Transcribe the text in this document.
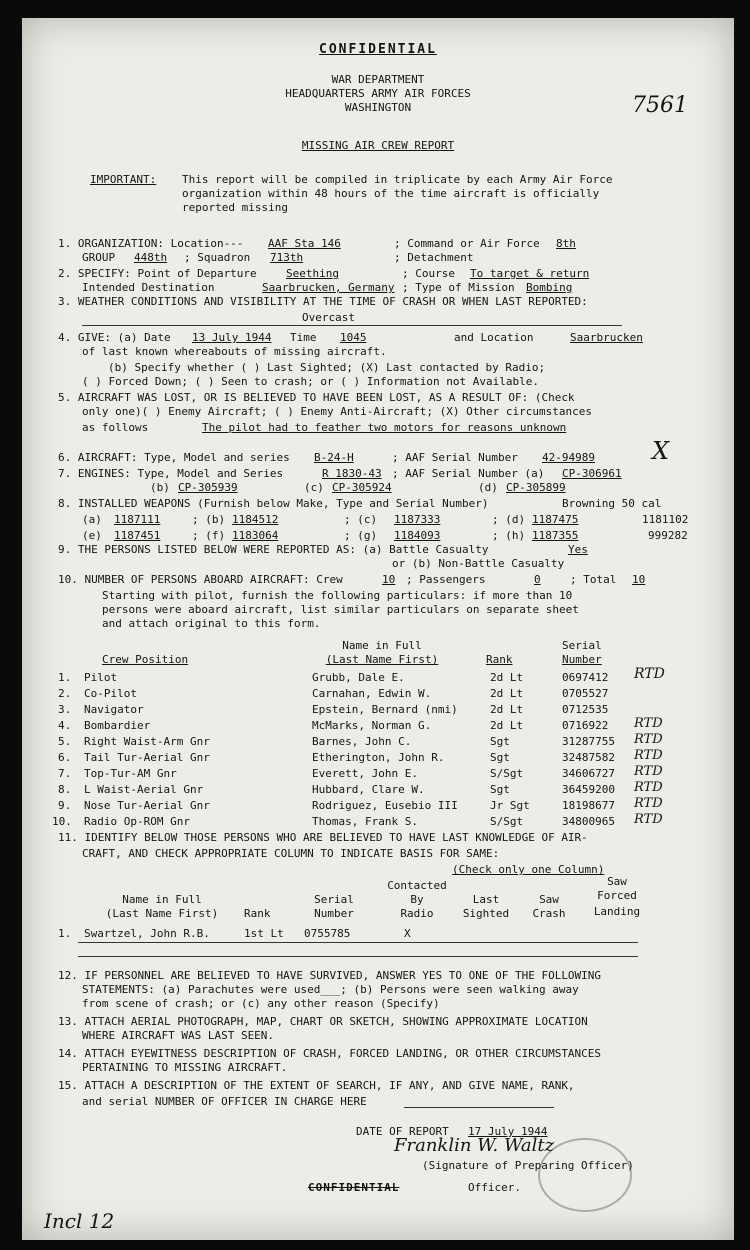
CONFIDENTIAL
WAR DEPARTMENT
HEADQUARTERS ARMY AIR FORCES
WASHINGTON	7561
MISSING AIR CREW REPORT
IMPORTANT: This report will be compiled in triplicate by each Army Air Force
organization within 48 hours of the time aircraft is officially
reported missing
1. ORGANIZATION: Location--- AAF Sta 146	; Command or Air Force 8th
GROUP 448th ; Squadron 713th	; Detachment
2. SPECIFY: Point of Departure	Seething	; Course To target & return
Intended Destination	Saarbrucken, Germany ; Type of Mission Bombing
3. WEATHER CONDITIONS AND VISIBILITY AT THE TIME OF CRASH OR WHEN LAST REPORTED:
Overcast
4. GIVE: (a) Date 13 July 1944 Time 1045	and Location	Saarbrucken
of last known whereabouts of missing aircraft.
(b) Specify whether ( ) Last Sighted; (X) Last contacted by Radio;
( ) Forced Down; ( ) Seen to crash; or ( ) Information not Available.
5. AIRCRAFT WAS LOST, OR IS BELIEVED TO HAVE BEEN LOST, AS A RESULT OF: (Check
only one)( ) Enemy Aircraft; ( ) Enemy Anti-Aircraft; (X) Other circumstances
as follows	The pilot had to feather two motors for reasons unknown
6. AIRCRAFT: Type, Model and series B-24-H	; AAF Serial Number 42-94989 X
7. ENGINES: Type, Model and Series	R 1830-43 ; AAF Serial Number (a) CP-306961
(b) CP-305939	(c) CP-305924	(d) CP-305899
8. INSTALLED WEAPONS (Furnish below Make, Type and Serial Number)	Browning 50 cal
(a) 1187111	; (b) 1184512	; (c) 1187333	; (d) 1187475	1181102
(e) 1187451	; (f) 1183064	; (g) 1184093	; (h) 1187355	999282
9. THE PERSONS LISTED BELOW WERE REPORTED AS: (a) Battle Casualty	Yes
or (b) Non-Battle Casualty
10. NUMBER OF PERSONS ABOARD AIRCRAFT: Crew	10 ; Passengers	0	; Total 10
Starting with pilot, furnish the following particulars: if more than 10
persons were aboard aircraft, list similar particulars on separate sheet
and attach original to this form.
Name in Full	Serial
Crew Position	(Last Name First)	Rank	Number
1. Pilot	Grubb, Dale E.	2d Lt	0697412 RTD
2. Co-Pilot	Carnahan, Edwin W.	2d Lt	0705527
3. Navigator	Epstein, Bernard (nmi)	2d Lt	0712535
4. Bombardier	McMarks, Norman G.	2d Lt	0716922 RTD
5. Right Waist-Arm Gnr	Barnes, John C.	Sgt	31287755 RTD
6. Tail Tur-Aerial Gnr	Etherington, John R.	Sgt	32487582 RTD
7. Top-Tur-AM Gnr	Everett, John E.	S/Sgt	34606727 RTD
8. L Waist-Aerial Gnr	Hubbard, Clare W.	Sgt	36459200 RTD
9. Nose Tur-Aerial Gnr	Rodriguez, Eusebio III	Jr Sgt	18198677 RTD
10. Radio Op-ROM Gnr	Thomas, Frank S.	S/Sgt	34800965 RTD
11. IDENTIFY BELOW THOSE PERSONS WHO ARE BELIEVED TO HAVE LAST KNOWLEDGE OF AIR-
CRAFT, AND CHECK APPROPRIATE COLUMN TO INDICATE BASIS FOR SAME:
(Check only one Column)
Contacted	Saw
Name in Full	Serial	By	Last	Saw	Forced
(Last Name First)	Rank	Number	Radio	Sighted	Crash	Landing
1. Swartzel, John R.B.	1st Lt 0755785	X
12. IF PERSONNEL ARE BELIEVED TO HAVE SURVIVED, ANSWER YES TO ONE OF THE FOLLOWING
STATEMENTS: (a) Parachutes were used___; (b) Persons were seen walking away
from scene of crash; or (c) any other reason (Specify)
13. ATTACH AERIAL PHOTOGRAPH, MAP, CHART OR SKETCH, SHOWING APPROXIMATE LOCATION
WHERE AIRCRAFT WAS LAST SEEN.
14. ATTACH EYEWITNESS DESCRIPTION OF CRASH, FORCED LANDING, OR OTHER CIRCUMSTANCES
PERTAINING TO MISSING AIRCRAFT.
15. ATTACH A DESCRIPTION OF THE EXTENT OF SEARCH, IF ANY, AND GIVE NAME, RANK,
and serial NUMBER OF OFFICER IN CHARGE HERE
DATE OF REPORT 17 July 1944
Franklin W. Waltz
(Signature of Preparing Officer)
CONFIDENTIAL	Officer.
Incl 12
